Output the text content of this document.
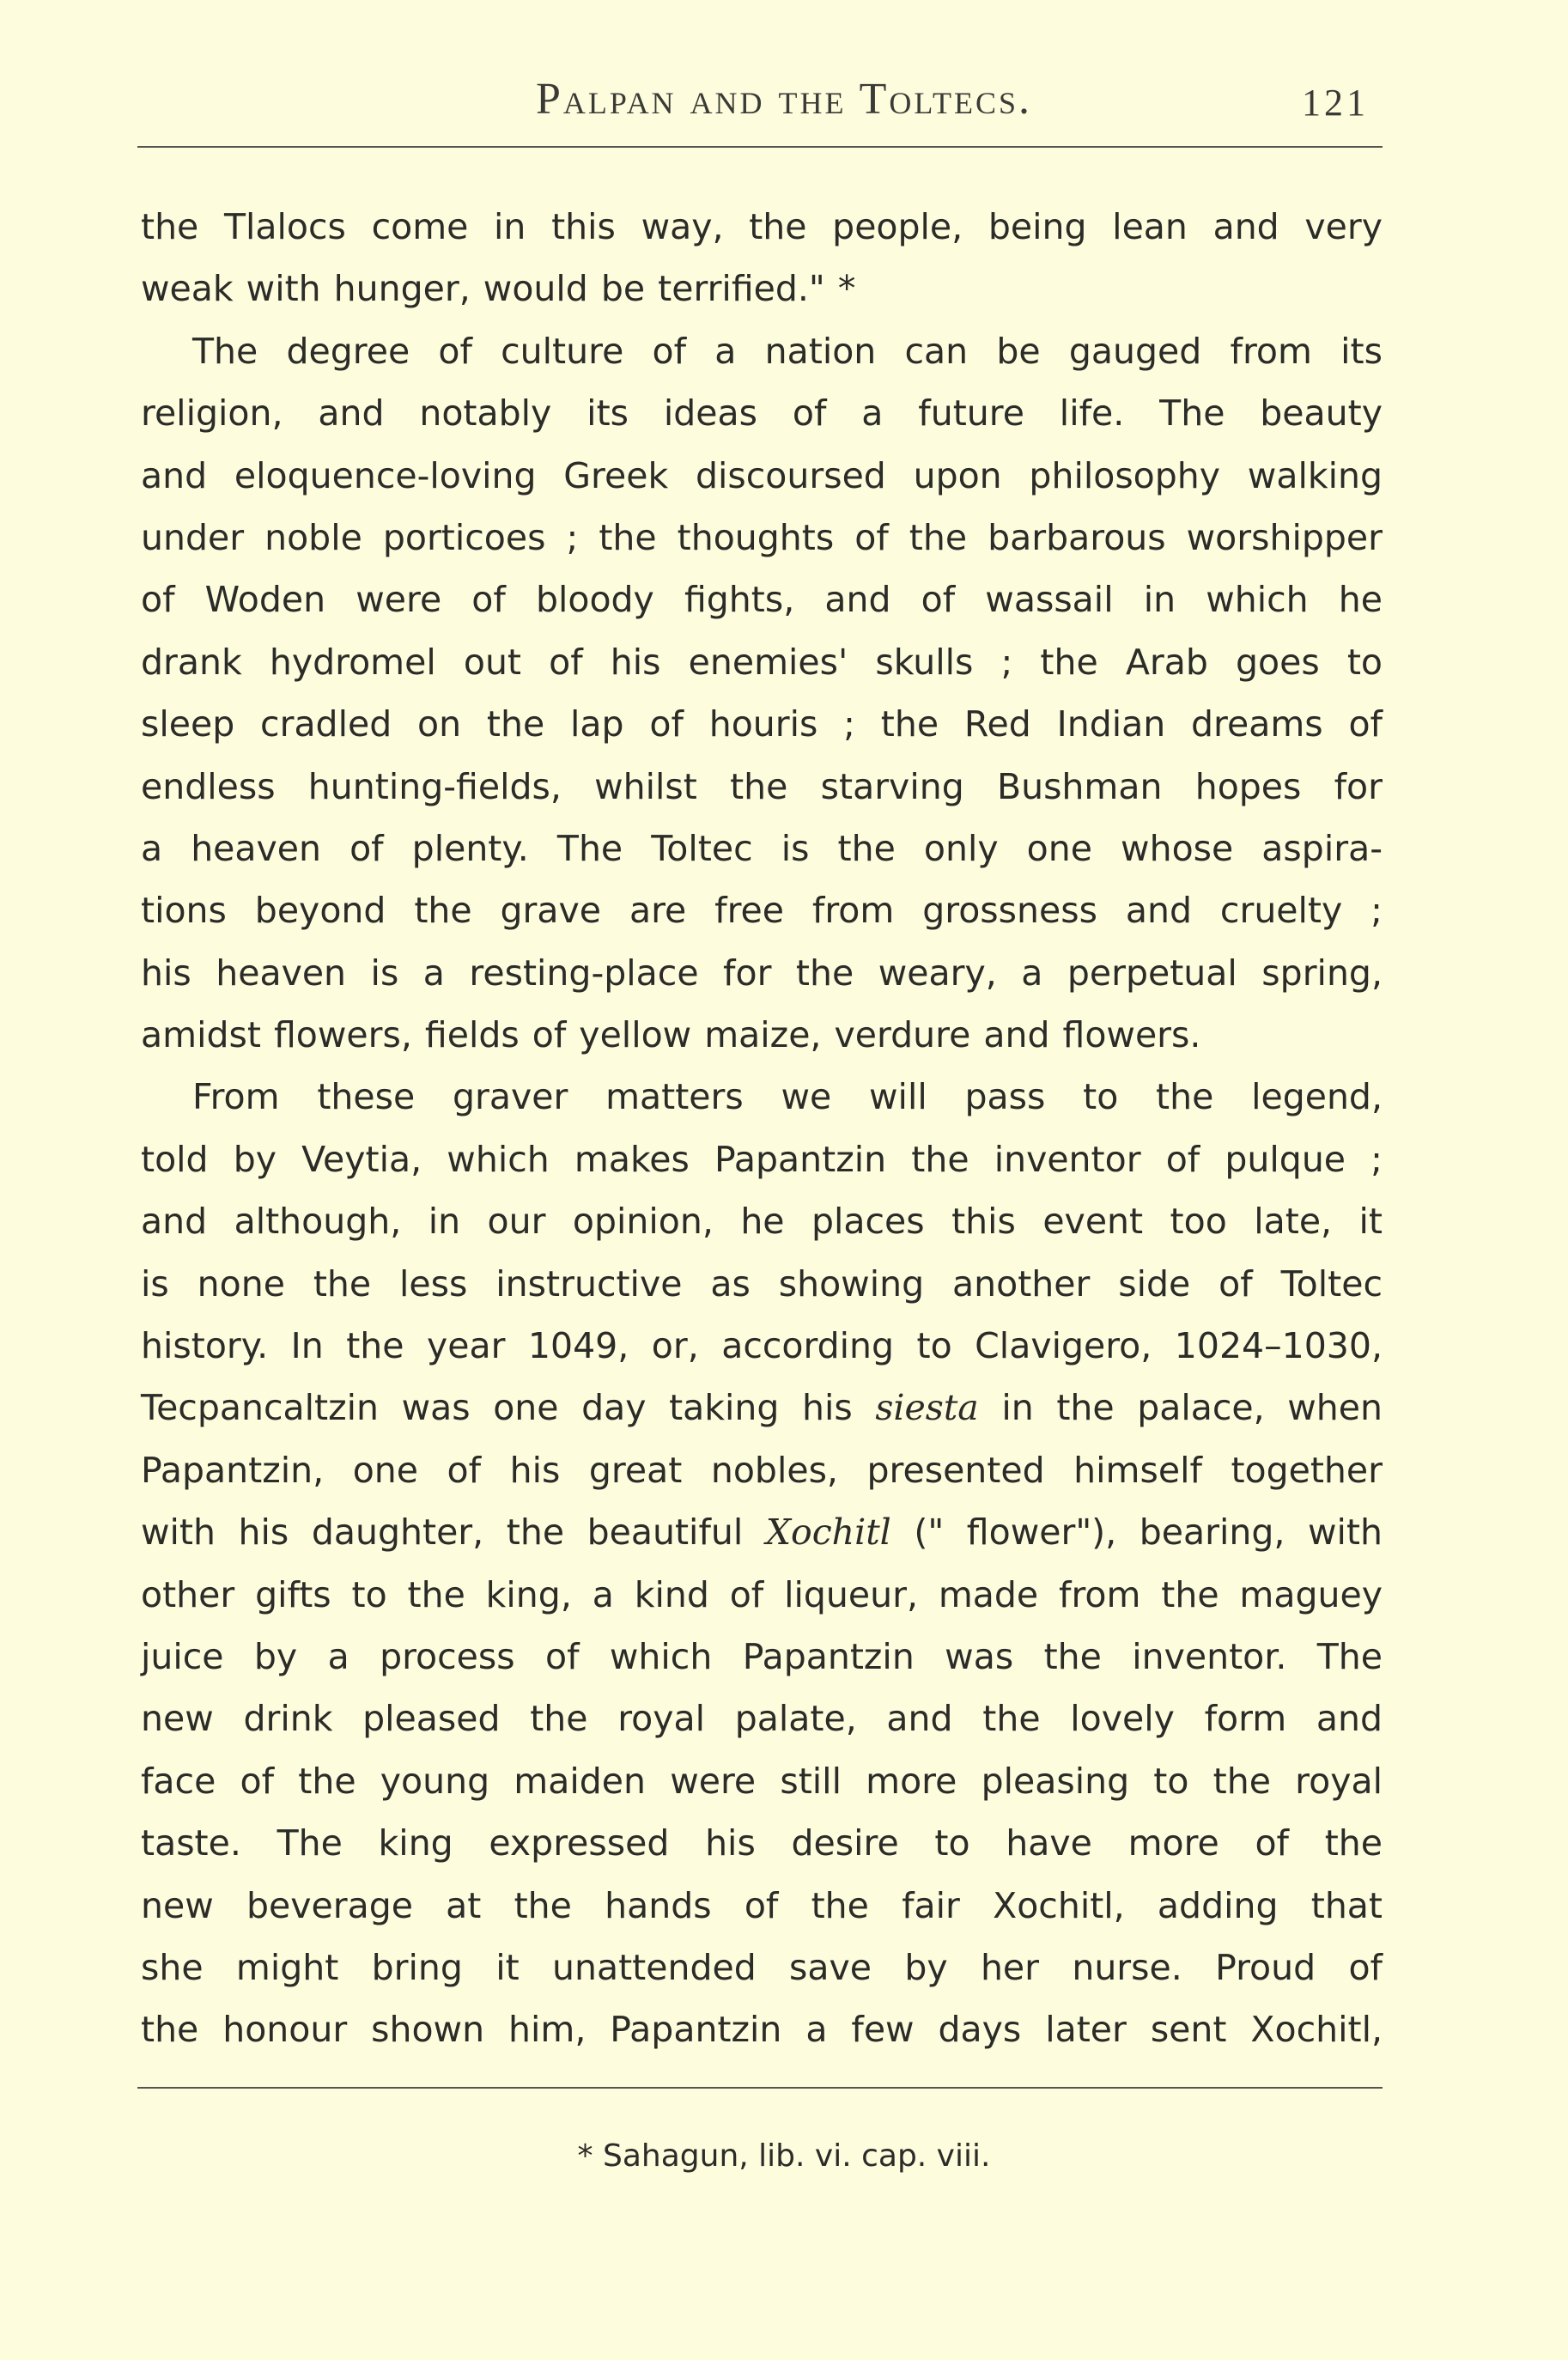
Palpan and the Toltecs.	121
the Tlalocs come in this way, the people, being lean and very
weak with hunger, would be terrified." *
The degree of culture of a nation can be gauged from its
religion, and notably its ideas of a future life. The beauty
and eloquence-loving Greek discoursed upon philosophy walking
under noble porticoes ; the thoughts of the barbarous worshipper
of Woden were of bloody fights, and of wassail in which he
drank hydromel out of his enemies' skulls ; the Arab goes to
sleep cradled on the lap of houris ; the Red Indian dreams of
endless hunting-fields, whilst the starving Bushman hopes for
a heaven of plenty. The Toltec is the only one whose aspira-
tions beyond the grave are free from grossness and cruelty ;
his heaven is a resting-place for the weary, a perpetual spring,
amidst flowers, fields of yellow maize, verdure and flowers.
From these graver matters we will pass to the legend,
told by Veytia, which makes Papantzin the inventor of pulque ;
and although, in our opinion, he places this event too late, it
is none the less instructive as showing another side of Toltec
history. In the year 1049, or, according to Clavigero, 1024–1030,
Tecpancaltzin was one day taking his siesta in the palace, when
Papantzin, one of his great nobles, presented himself together
with his daughter, the beautiful Xochitl (" flower"), bearing, with
other gifts to the king, a kind of liqueur, made from the maguey
juice by a process of which Papantzin was the inventor. The
new drink pleased the royal palate, and the lovely form and
face of the young maiden were still more pleasing to the royal
taste. The king expressed his desire to have more of the
new beverage at the hands of the fair Xochitl, adding that
she might bring it unattended save by her nurse. Proud of
the honour shown him, Papantzin a few days later sent Xochitl,
* Sahagun, lib. vi. cap. viii.
